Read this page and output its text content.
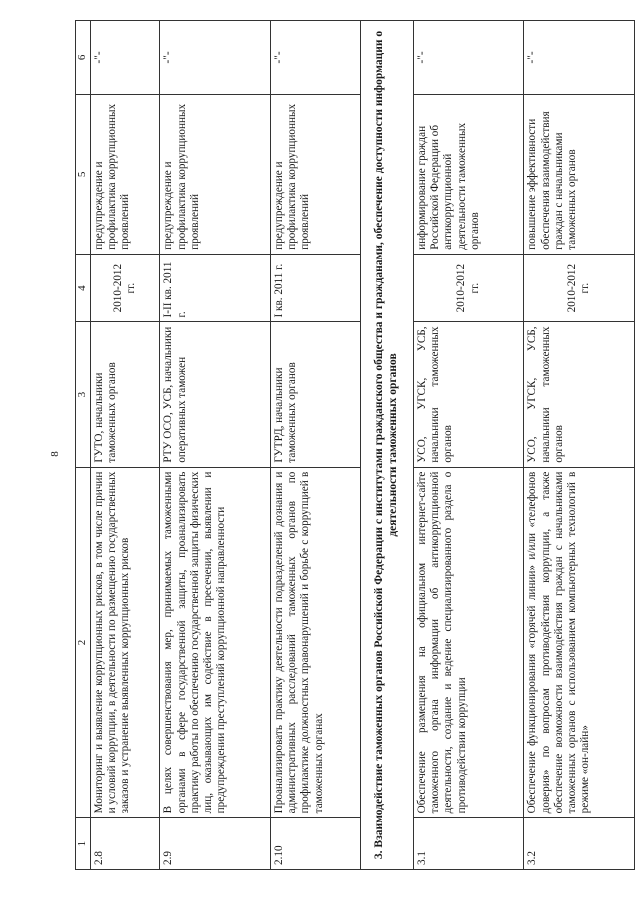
8
1	2	3	4	5	6
2.8	Мониторинг и выявление коррупционных рисков, в том числе причин и условий коррупции, в деятельности по размещению государственных заказов и устранение выявленных коррупционных рисков	ГУТО, начальники таможенных органов	2010-2012 гг.	предупреждение и профилактика коррупционных проявлений	-"-
2.9	В целях совершенствования мер, принимаемых таможенными органами в сфере государственной защиты, проанализировать практику работы по обеспечению государственной защиты физических лиц, оказывающих им содействие в пресечении, выявлении и предупреждении преступлений коррупционной направленности	РТУ ОСО, УСБ, начальники оперативных таможен	I-II кв. 2011 г.	предупреждение и профилактика коррупционных проявлений	-"-
2.10	Проанализировать практику деятельности подразделений дознания и административных расследований таможенных органов по профилактике должностных правонарушений и борьбе с коррупцией в таможенных органах	ГУТРД, начальники таможенных органов	I кв. 2011 г.	предупреждение и профилактика коррупционных проявлений	-"-
3. Взаимодействие таможенных органов Российской Федерации с институтами гражданского общества и гражданами, обеспечение доступности информации о деятельности таможенных органов					
3.1	Обеспечение размещения на официальном интернет-сайте таможенного органа информации об антикоррупционной деятельности, создание и ведение специализированного раздела о противодействии коррупции	УСО, УГСК, УСБ, начальники таможенных органов	2010-2012 гг.	информирование граждан Российской Федерации об антикоррупционной деятельности таможенных органов	-"-
3.2	Обеспечение функционирования «горячей линии» и/или «телефонов доверия» по вопросам противодействия коррупции, а также обеспечение возможности взаимодействия граждан с начальниками таможенных органов с использованием компьютерных технологий в режиме «он-лайн»	УСО, УГСК, УСБ, начальники таможенных органов	2010-2012 гг.	повышение эффективности обеспечения взаимодействия граждан с начальниками таможенных органов	-"-
